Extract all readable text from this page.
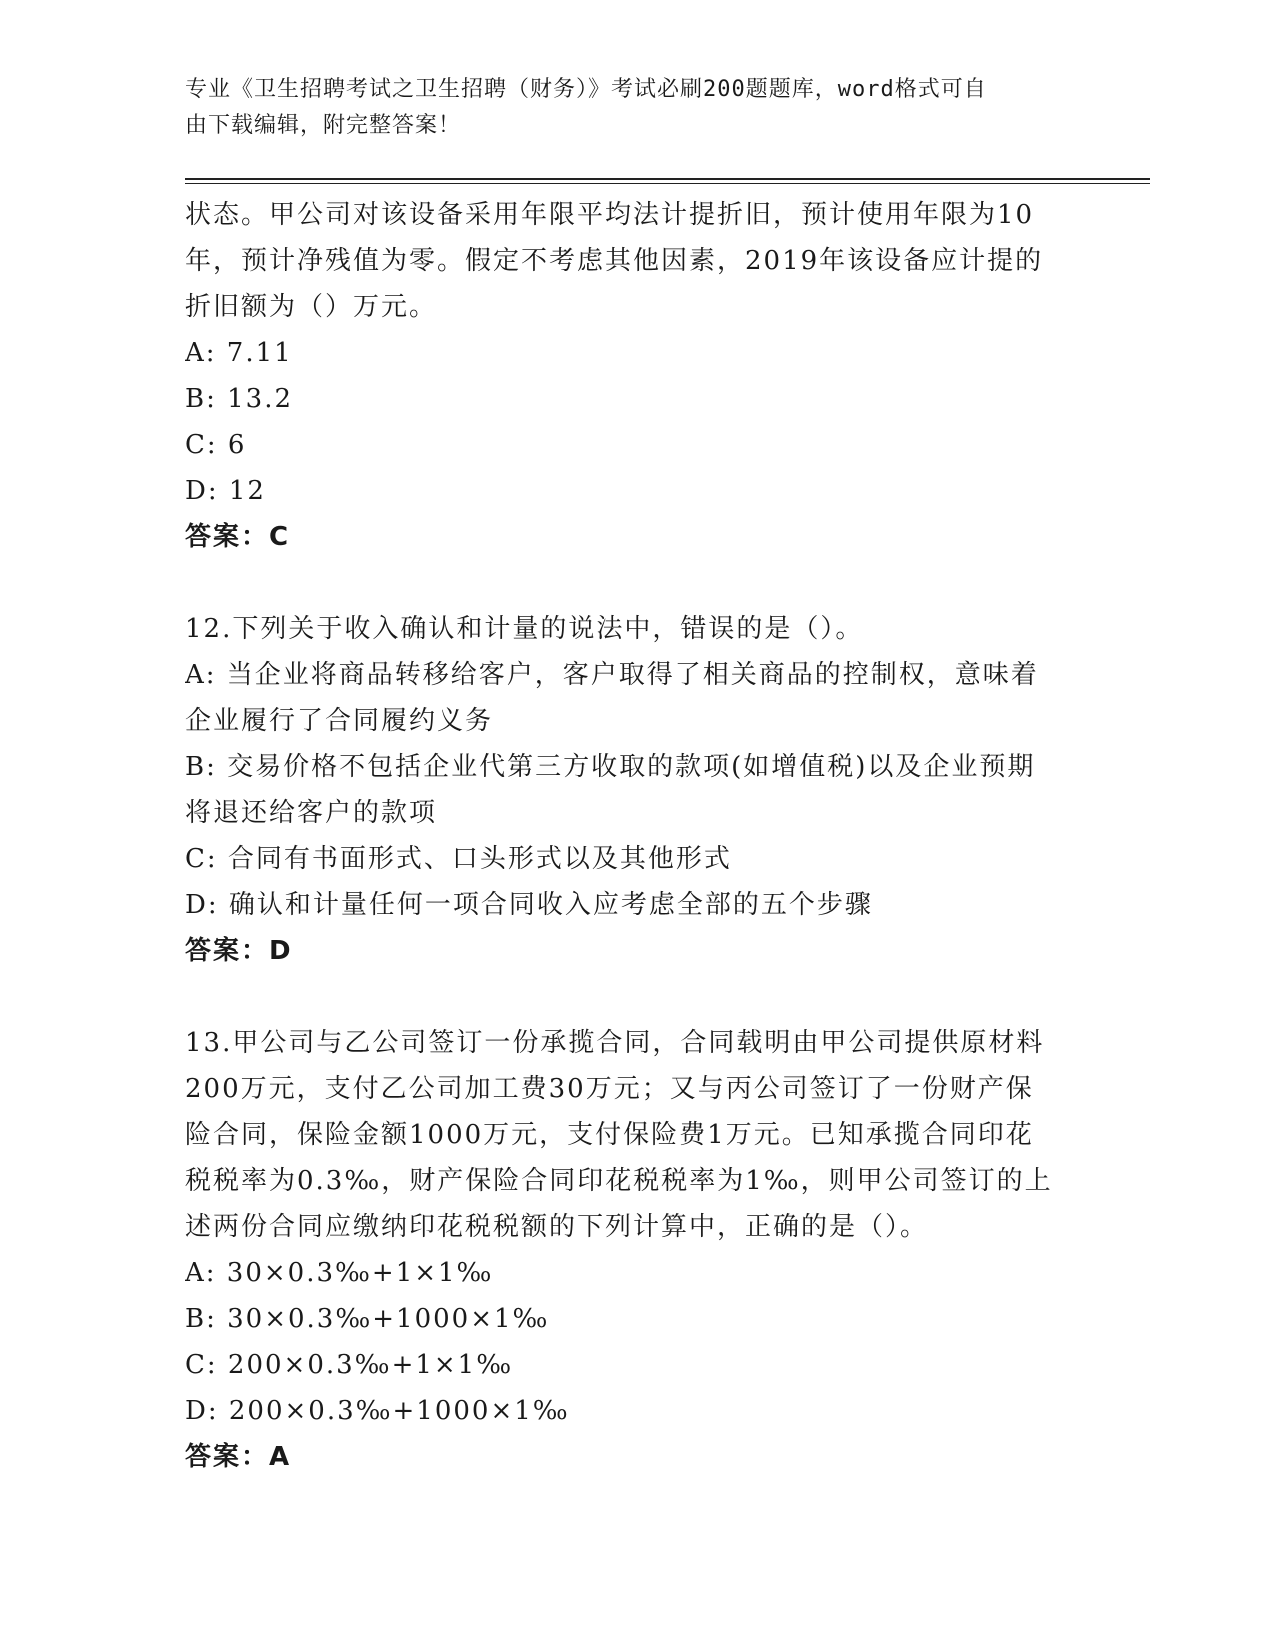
专业《卫生招聘考试之卫生招聘（财务）》考试必刷200题题库，word格式可自
由下载编辑，附完整答案！
状态。甲公司对该设备采用年限平均法计提折旧，预计使用年限为10
年，预计净残值为零。假定不考虑其他因素，2019年该设备应计提的
折旧额为（）万元。
A: 7.11
B: 13.2
C: 6
D: 12
答案：C
12.下列关于收入确认和计量的说法中，错误的是（）。
A: 当企业将商品转移给客户，客户取得了相关商品的控制权，意味着
企业履行了合同履约义务
B: 交易价格不包括企业代第三方收取的款项(如增值税)以及企业预期
将退还给客户的款项
C: 合同有书面形式、口头形式以及其他形式
D: 确认和计量任何一项合同收入应考虑全部的五个步骤
答案：D
13.甲公司与乙公司签订一份承揽合同，合同载明由甲公司提供原材料
200万元，支付乙公司加工费30万元；又与丙公司签订了一份财产保
险合同，保险金额1000万元，支付保险费1万元。已知承揽合同印花
税税率为0.3‰，财产保险合同印花税税率为1‰，则甲公司签订的上
述两份合同应缴纳印花税税额的下列计算中，正确的是（）。
A: 30×0.3‰+1×1‰
B: 30×0.3‰+1000×1‰
C: 200×0.3‰+1×1‰
D: 200×0.3‰+1000×1‰
答案：A
